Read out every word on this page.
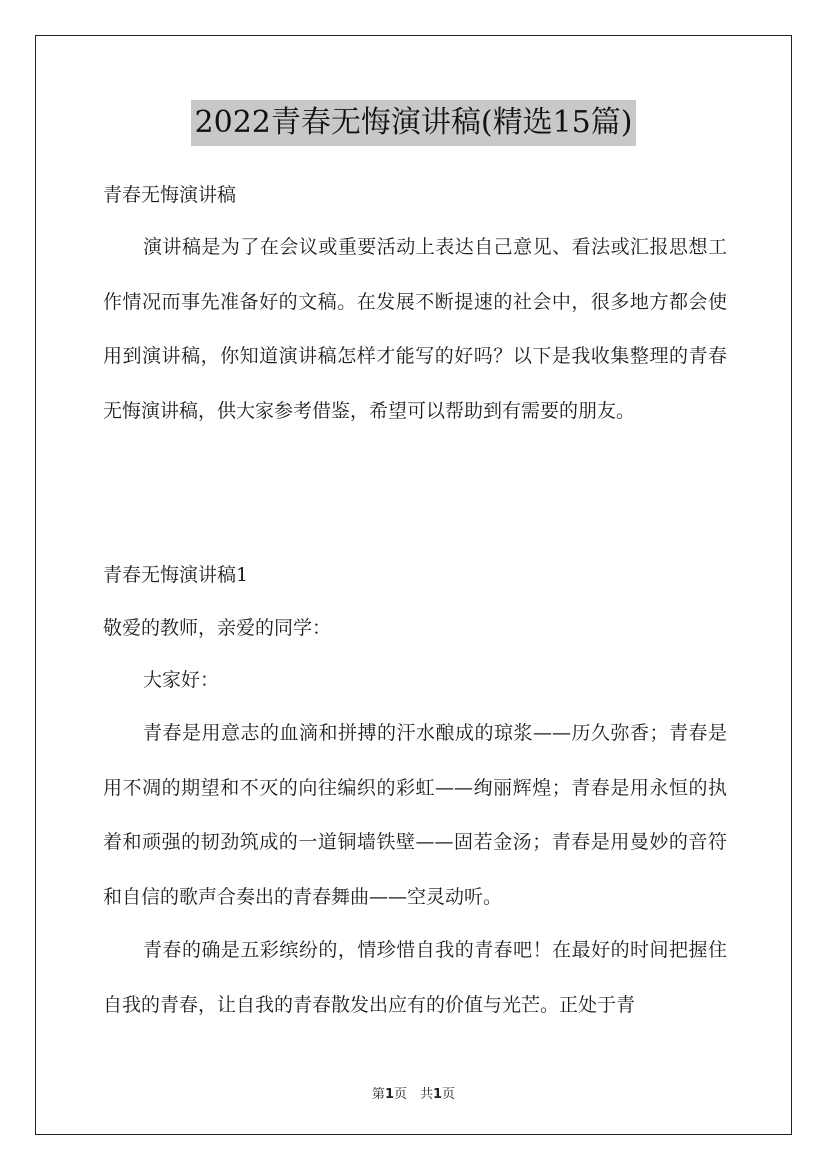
2022青春无悔演讲稿(精选15篇)

青春无悔演讲稿

演讲稿是为了在会议或重要活动上表达自己意见、看法或汇报思想工作情况而事先准备好的文稿。在发展不断提速的社会中，很多地方都会使用到演讲稿，你知道演讲稿怎样才能写的好吗？以下是我收集整理的青春无悔演讲稿，供大家参考借鉴，希望可以帮助到有需要的朋友。

青春无悔演讲稿1

敬爱的教师，亲爱的同学：

大家好：

青春是用意志的血滴和拼搏的汗水酿成的琼浆——历久弥香；青春是用不凋的期望和不灭的向往编织的彩虹——绚丽辉煌；青春是用永恒的执着和顽强的韧劲筑成的一道铜墙铁壁——固若金汤；青春是用曼妙的音符和自信的歌声合奏出的青春舞曲——空灵动听。

青春的确是五彩缤纷的，情珍惜自我的青春吧！在最好的时间把握住自我的青春，让自我的青春散发出应有的价值与光芒。正处于青

第1页　共1页
